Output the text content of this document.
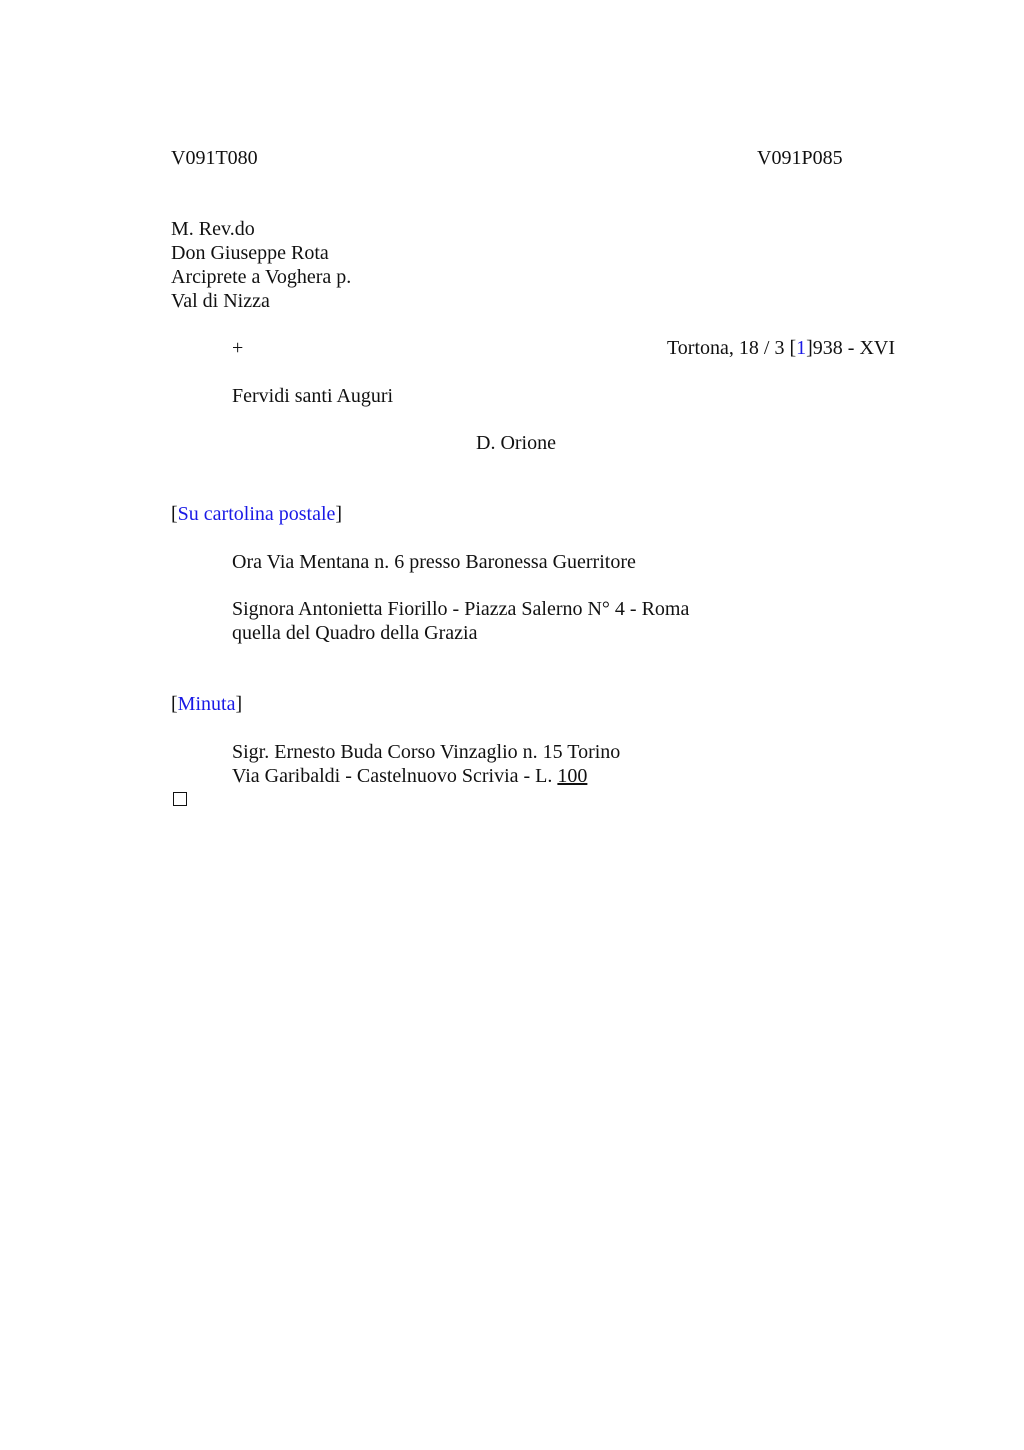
V091T080	V091P085
M. Rev.do
Don Giuseppe Rota
Arciprete a Voghera p.
Val di Nizza
+	Tortona, 18 / 3 [1]938 - XVI
Fervidi santi Auguri
D. Orione
[Su cartolina postale]
Ora Via Mentana n. 6 presso Baronessa Guerritore
Signora Antonietta Fiorillo - Piazza Salerno N° 4 - Roma
quella del Quadro della Grazia
[Minuta]
Sigr. Ernesto Buda Corso Vinzaglio n. 15 Torino
Via Garibaldi - Castelnuovo Scrivia - L. 100
